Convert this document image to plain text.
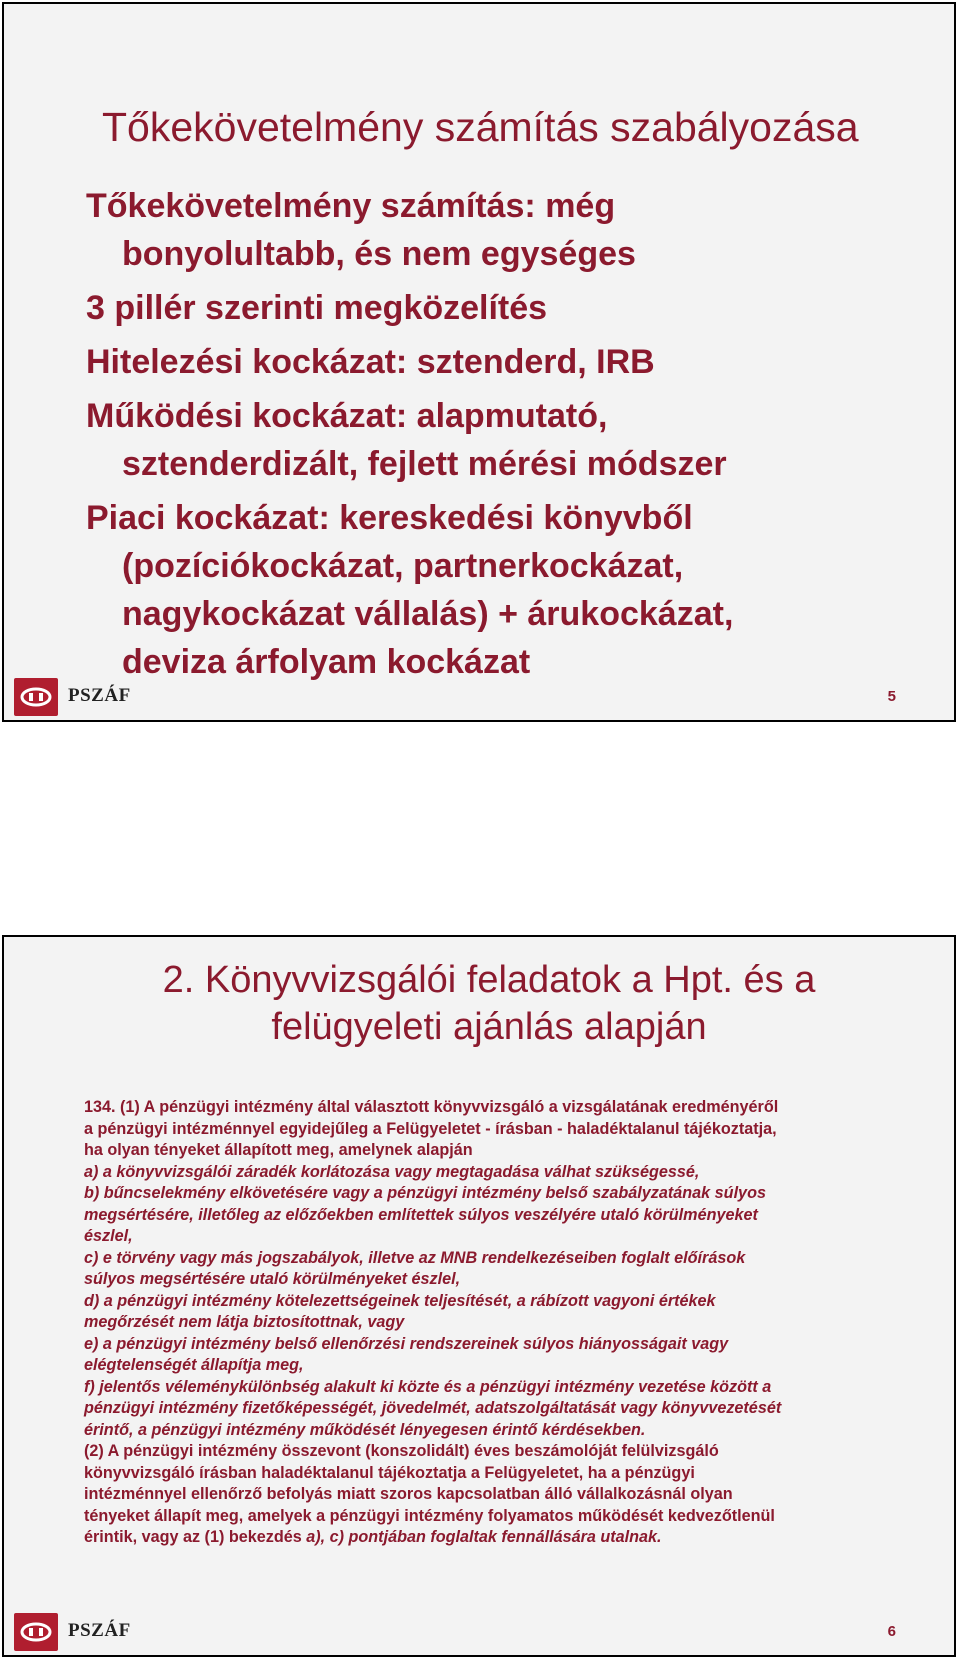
Tőkekövetelmény számítás szabályozása
Tőkekövetelmény számítás: még
bonyolultabb, és nem egységes
3 pillér szerinti megközelítés
Hitelezési kockázat: sztenderd, IRB
Működési kockázat: alapmutató,
sztenderdizált, fejlett mérési módszer
Piaci kockázat: kereskedési könyvből
(pozíciókockázat, partnerkockázat,
nagykockázat vállalás) + árukockázat,
deviza árfolyam kockázat
PSZÁF	5
2. Könyvvizsgálói feladatok a Hpt. és a
felügyeleti ajánlás alapján

134. (1) A pénzügyi intézmény által választott könyvvizsgáló a vizsgálatának eredményéről

a pénzügyi intézménnyel egyidejűleg a Felügyeletet - írásban - haladéktalanul tájékoztatja,

ha olyan tényeket állapított meg, amelynek alapján

a) a könyvvizsgálói záradék korlátozása vagy megtagadása válhat szükségessé,

b) bűncselekmény elkövetésére vagy a pénzügyi intézmény belső szabályzatának súlyos

megsértésére, illetőleg az előzőekben említettek súlyos veszélyére utaló körülményeket

észlel,

c) e törvény vagy más jogszabályok, illetve az MNB rendelkezéseiben foglalt előírások

súlyos megsértésére utaló körülményeket észlel,

d) a pénzügyi intézmény kötelezettségeinek teljesítését, a rábízott vagyoni értékek

megőrzését nem látja biztosítottnak, vagy

e) a pénzügyi intézmény belső ellenőrzési rendszereinek súlyos hiányosságait vagy

elégtelenségét állapítja meg,

f) jelentős véleménykülönbség alakult ki közte és a pénzügyi intézmény vezetése között a

pénzügyi intézmény fizetőképességét, jövedelmét, adatszolgáltatását vagy könyvvezetését

érintő, a pénzügyi intézmény működését lényegesen érintő kérdésekben.

(2) A pénzügyi intézmény összevont (konszolidált) éves beszámolóját felülvizsgáló

könyvvizsgáló írásban haladéktalanul tájékoztatja a Felügyeletet, ha a pénzügyi

intézménnyel ellenőrző befolyás miatt szoros kapcsolatban álló vállalkozásnál olyan

tényeket állapít meg, amelyek a pénzügyi intézmény folyamatos működését kedvezőtlenül

érintik, vagy az (1) bekezdés a), c) pontjában foglaltak fennállására utalnak.

PSZÁF	6
